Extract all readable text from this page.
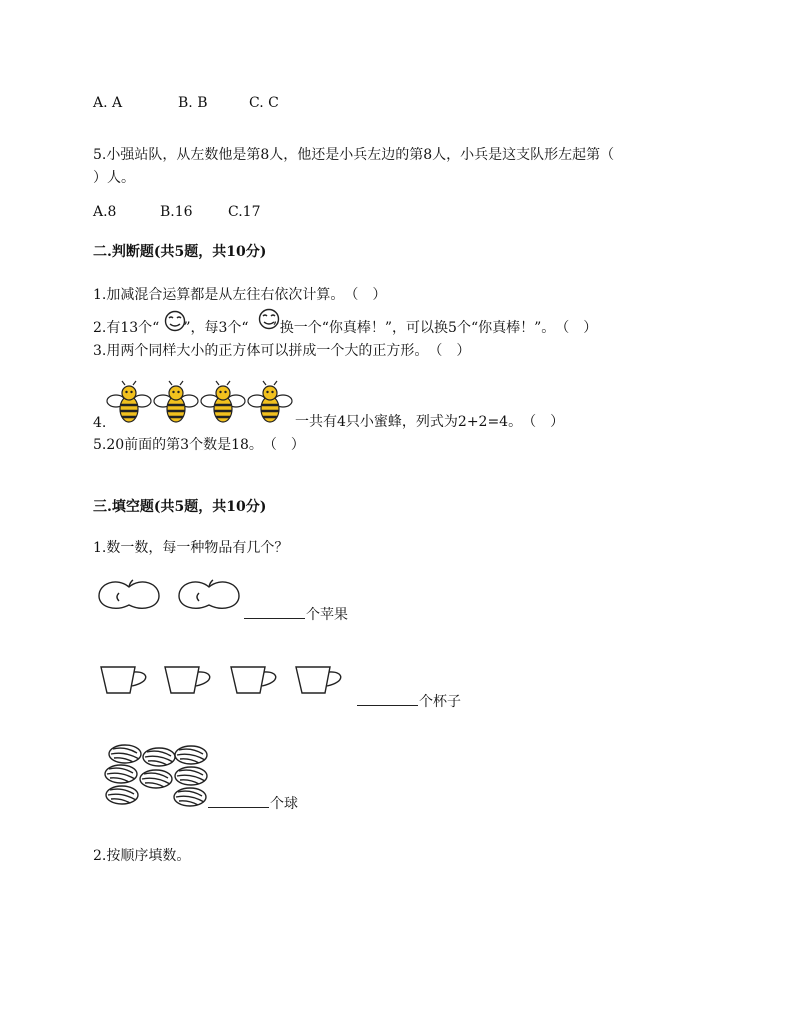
A. A	B. B	C. C
5.小强站队，从左数他是第8人，他还是小兵左边的第8人，小兵是这支队形左起第（
）人。
A.8	B.16	C.17
二.判断题(共5题，共10分)
1.加减混合运算都是从左往右依次计算。　（　）
2.有13个“ ”，每3个“ ”换一个“你真棒！”，可以换5个“你真棒！”。　（　）
3.用两个同样大小的正方体可以拼成一个大的正方形。　（　）
4.	一共有4只小蜜蜂，列式为2+2=4。　（　）
5.20前面的第3个数是18。　（　）
三.填空题(共5题，共10分)
1.数一数，每一种物品有几个？
个苹果
个杯子
个球
2.按顺序填数。
